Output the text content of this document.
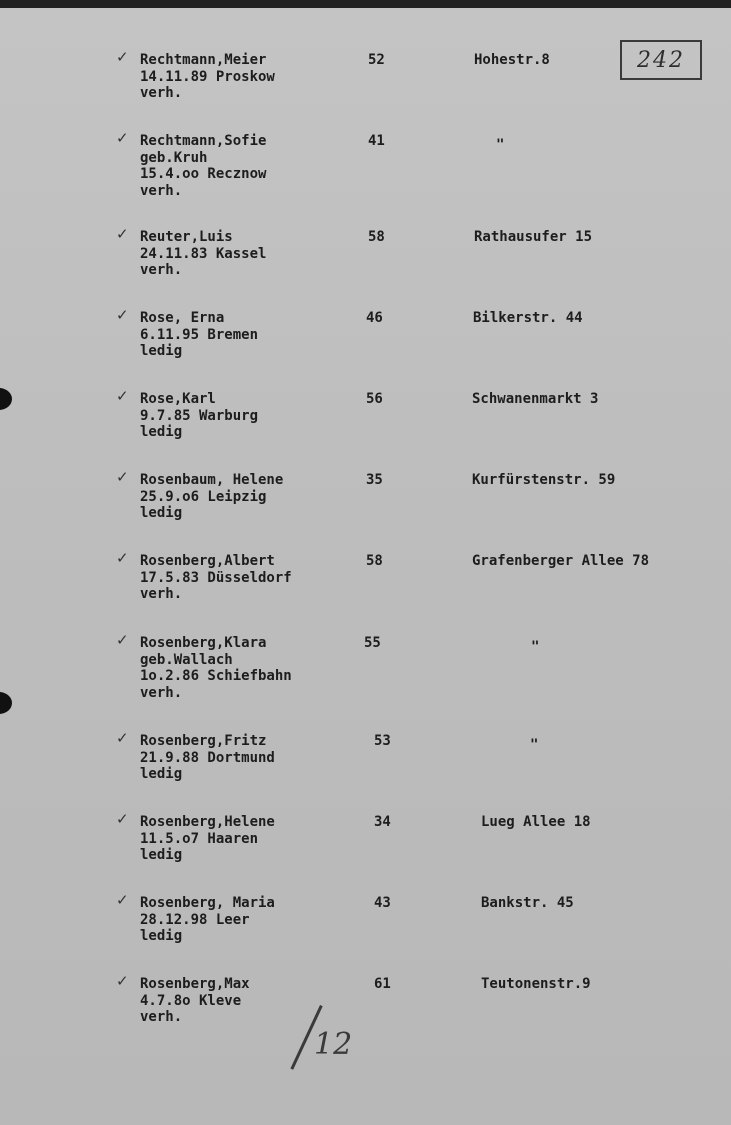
242
✓ Rechtmann,Meier
14.11.89 Proskow
verh.
52	Hohestr.8
✓ Rechtmann,Sofie
geb.Kruh
15.4.oo Recznow
verh.
41	"
✓ Reuter,Luis
24.11.83 Kassel
verh.
58	Rathausufer 15
✓ Rose, Erna
6.11.95 Bremen
ledig
46	Bilkerstr. 44
✓ Rose,Karl
9.7.85 Warburg
ledig
56	Schwanenmarkt 3
✓ Rosenbaum, Helene
25.9.o6 Leipzig
ledig
35	Kurfürstenstr. 59
✓ Rosenberg,Albert
17.5.83 Düsseldorf
verh.
58	Grafenberger Allee 78
✓ Rosenberg,Klara
geb.Wallach
1o.2.86 Schiefbahn
verh.
55	"
✓ Rosenberg,Fritz
21.9.88 Dortmund
ledig
53	"
✓ Rosenberg,Helene
11.5.o7 Haaren
ledig
34	Lueg Allee 18
✓ Rosenberg, Maria
28.12.98 Leer
ledig
43	Bankstr. 45
✓ Rosenberg,Max
4.7.8o Kleve
verh.
61	Teutonenstr.9
12
